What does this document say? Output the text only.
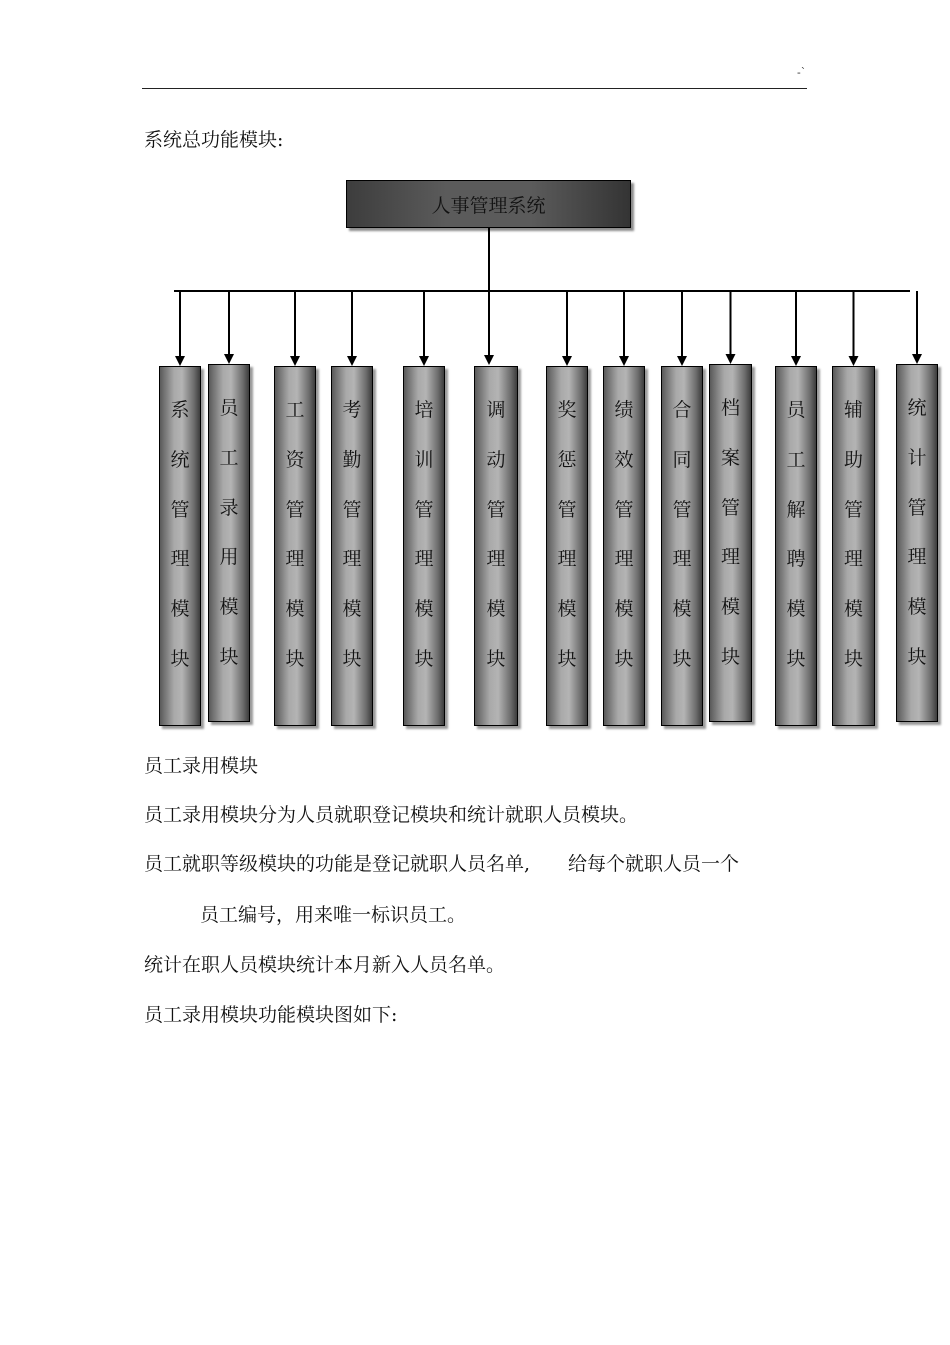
-`
系统总功能模块:
人事管理系统
系
统
管
理
模
块
员
工
录
用
模
块
工
资
管
理
模
块
考
勤
管
理
模
块
培
训
管
理
模
块
调
动
管
理
模
块
奖
惩
管
理
模
块
绩
效
管
理
模
块
合
同
管
理
模
块
档
案
管
理
模
块
员
工
解
聘
模
块
辅
助
管
理
模
块
统
计
管
理
模
块
员工录用模块
员工录用模块分为人员就职登记模块和统计就职人员模块。
员工就职等级模块的功能是登记就职人员名单, 给每个就职人员一个
员工编号，用来唯一标识员工。
统计在职人员模块统计本月新入人员名单。
员工录用模块功能模块图如下:
